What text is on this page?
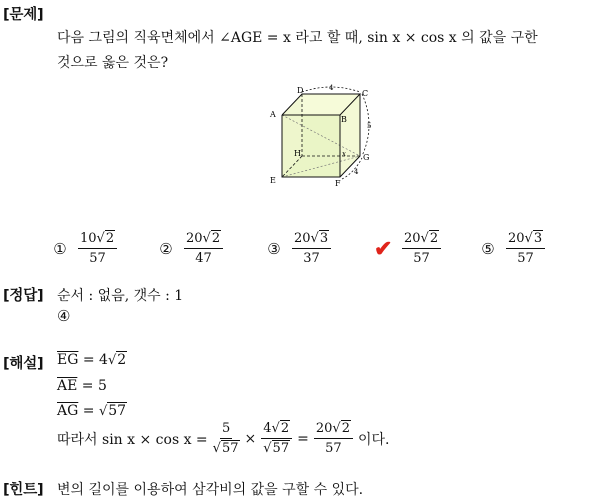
[문제]
다음 그림의 직육면체에서 ∠AGE = x 라고 할 때, sin x × cos x 의 값을 구한
것으로 옳은 것은?
D	C
A
B
H	G
E	F
4
5
4
x
① $\frac{10√2}{57}$	② $\frac{20√2}{47}$	③ $\frac{20√3}{37}$ ✔ $\frac{20√2}{57}$	⑤ $\frac{20√3}{57}$
[정답] 순서 : 없음, 갯수 : 1
④
[해설] $\overline{EG} = 4√2$
$\overline{AE} = 5$
$\overline{AG} = √57$
따라서 $\sin x \times \cos x = \frac{5}{√57} \times \frac{4√2}{√57} = \frac{20√2}{57}$ 이다.
[힌트] 변의 길이를 이용하여 삼각비의 값을 구할 수 있다.
